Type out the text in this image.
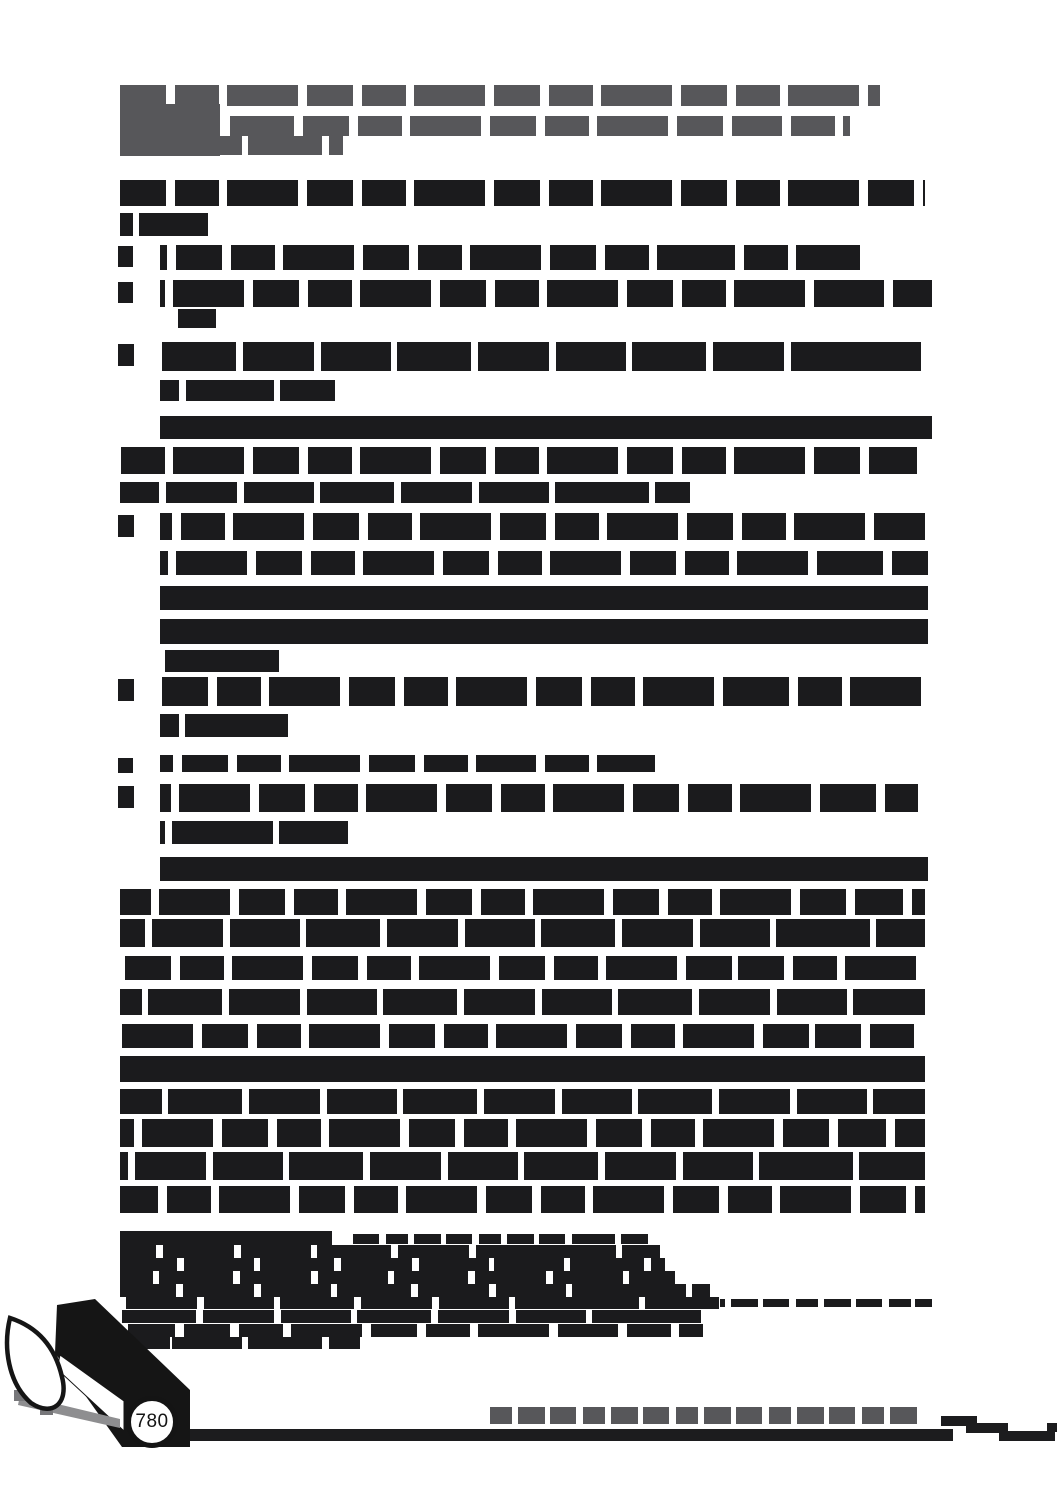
780
